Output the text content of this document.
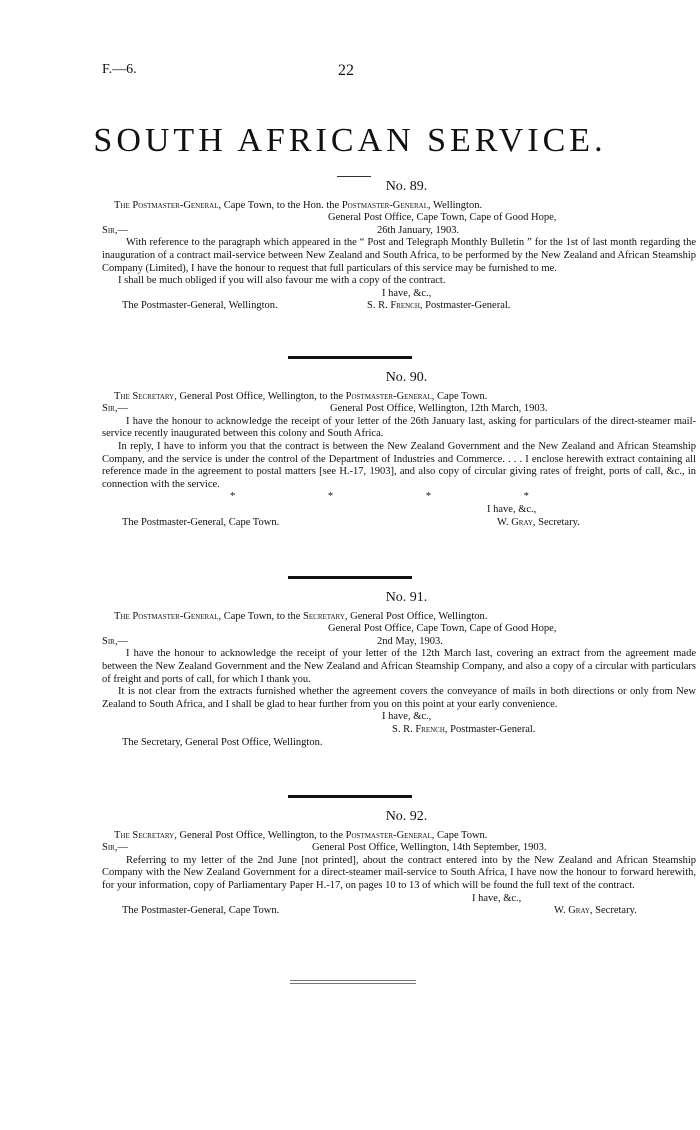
F.—6.	22
SOUTH AFRICAN SERVICE.
No. 89.
The Postmaster-General, Cape Town, to the Hon. the Postmaster-General, Wellington.
General Post Office, Cape Town, Cape of Good Hope,
Sir,—	26th January, 1903.

With reference to the paragraph which appeared in the “ Post and Telegraph Monthly Bulletin ” for the 1st of last month regarding the inauguration of a contract mail-service between New Zealand and South Africa, to be performed by the New Zealand and African Steamship Company (Limited), I have the honour to request that full particulars of this service may be furnished to me.

I shall be much obliged if you will also favour me with a copy of the contract.

I have, &c.,
The Postmaster-General, Wellington.	S. R. French, Postmaster-General.
No. 90.
The Secretary, General Post Office, Wellington, to the Postmaster-General, Cape Town.
Sir,—	General Post Office, Wellington, 12th March, 1903.

I have the honour to acknowledge the receipt of your letter of the 26th January last, asking for particulars of the direct-steamer mail-service recently inaugurated between this colony and South Africa.

In reply, I have to inform you that the contract is between the New Zealand Government and the New Zealand and African Steamship Company, and the service is under the control of the Department of Industries and Commerce. . . . I enclose herewith extract containing all reference made in the agreement to postal matters [see H.-17, 1903], and also copy of circular giving rates of freight, ports of call, &c., in connection with the service.

* * * *
I have, &c.,
The Postmaster-General, Cape Town.	W. Gray, Secretary.
No. 91.
The Postmaster-General, Cape Town, to the Secretary, General Post Office, Wellington.
General Post Office, Cape Town, Cape of Good Hope,
Sir,—	2nd May, 1903.

I have the honour to acknowledge the receipt of your letter of the 12th March last, covering an extract from the agreement made between the New Zealand Government and the New Zealand and African Steamship Company, and also a copy of a circular with particulars of freight and ports of call, for which I thank you.

It is not clear from the extracts furnished whether the agreement covers the conveyance of mails in both directions or only from New Zealand to South Africa, and I shall be glad to hear further from you on this point at your early convenience.

I have, &c.,
S. R. French, Postmaster-General.
The Secretary, General Post Office, Wellington.
No. 92.
The Secretary, General Post Office, Wellington, to the Postmaster-General, Cape Town.
Sir,—	General Post Office, Wellington, 14th September, 1903.

Referring to my letter of the 2nd June [not printed], about the contract entered into by the New Zealand and African Steamship Company with the New Zealand Government for a direct-steamer mail-service to South Africa, I have now the honour to forward herewith, for your information, copy of Parliamentary Paper H.-17, on pages 10 to 13 of which will be found the full text of the contract.

I have, &c.,
The Postmaster-General, Cape Town.	W. Gray, Secretary.
